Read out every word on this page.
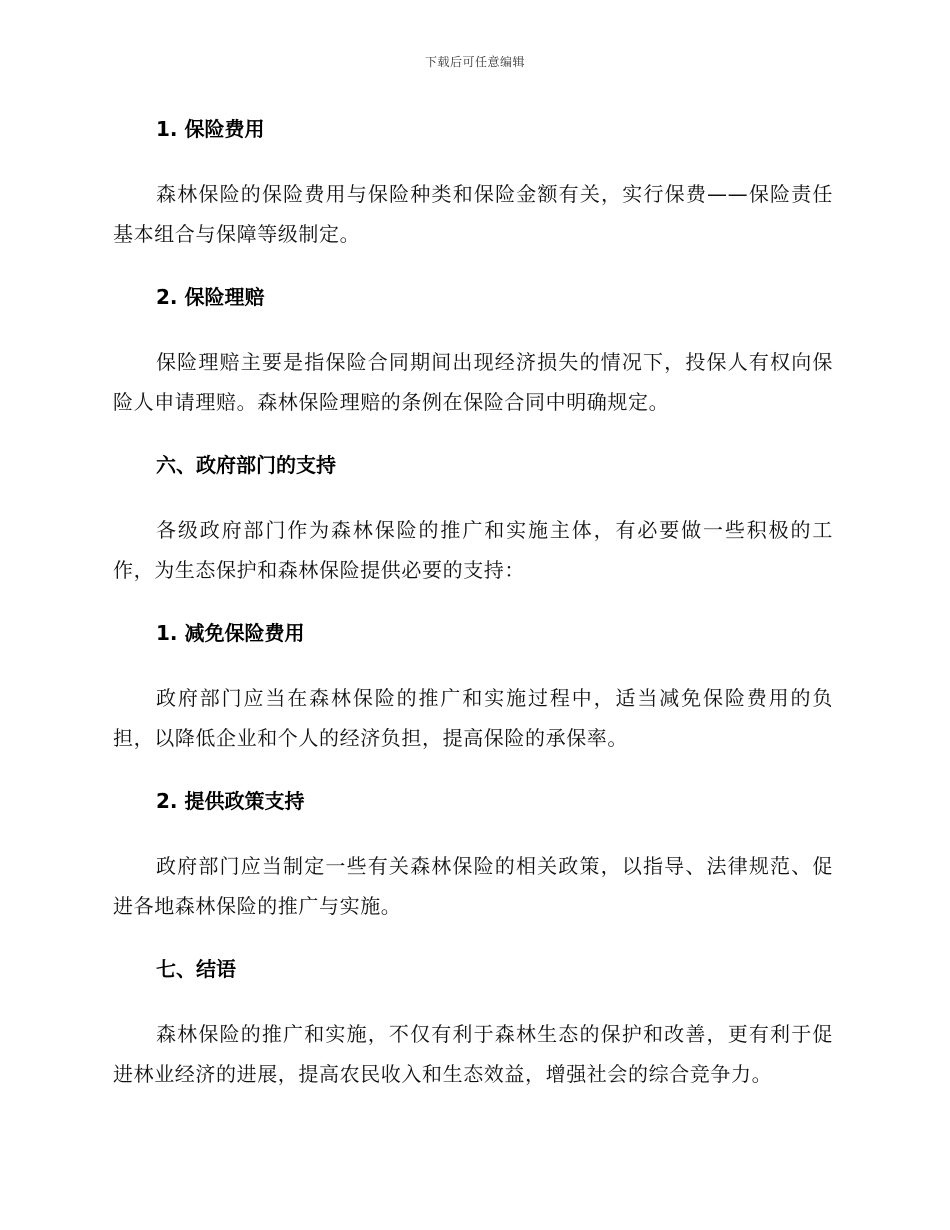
下载后可任意编辑
1. 保险费用

森林保险的保险费用与保险种类和保险金额有关，实行保费——保险责任基本组合与保障等级制定。

2. 保险理赔

保险理赔主要是指保险合同期间出现经济损失的情况下，投保人有权向保险人申请理赔。森林保险理赔的条例在保险合同中明确规定。

六、政府部门的支持

各级政府部门作为森林保险的推广和实施主体，有必要做一些积极的工作，为生态保护和森林保险提供必要的支持：

1. 减免保险费用

政府部门应当在森林保险的推广和实施过程中，适当减免保险费用的负担，以降低企业和个人的经济负担，提高保险的承保率。

2. 提供政策支持

政府部门应当制定一些有关森林保险的相关政策，以指导、法律规范、促进各地森林保险的推广与实施。

七、结语

森林保险的推广和实施，不仅有利于森林生态的保护和改善，更有利于促进林业经济的进展，提高农民收入和生态效益，增强社会的综合竞争力。
